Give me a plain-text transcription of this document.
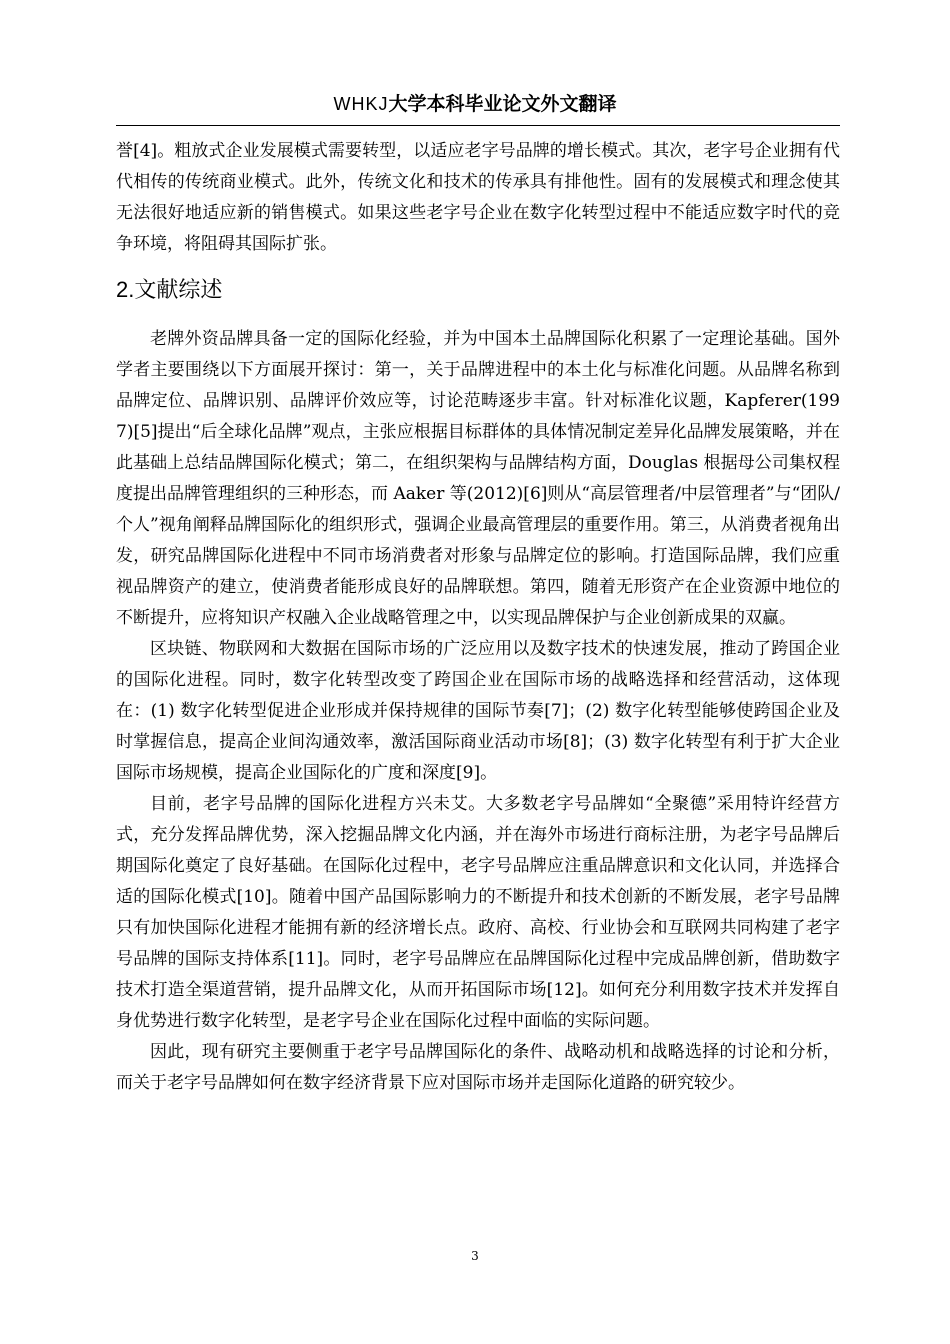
WHKJ大学本科毕业论文外文翻译

誉[4]。粗放式企业发展模式需要转型，以适应老字号品牌的增长模式。其次，老字号企业拥有代代相传的传统商业模式。此外，传统文化和技术的传承具有排他性。固有的发展模式和理念使其无法很好地适应新的销售模式。如果这些老字号企业在数字化转型过程中不能适应数字时代的竞争环境，将阻碍其国际扩张。

2.文献综述

老牌外资品牌具备一定的国际化经验，并为中国本土品牌国际化积累了一定理论基础。国外学者主要围绕以下方面展开探讨：第一，关于品牌进程中的本土化与标准化问题。从品牌名称到品牌定位、品牌识别、品牌评价效应等，讨论范畴逐步丰富。针对标准化议题，Kapferer(1997)[5]提出“后全球化品牌”观点，主张应根据目标群体的具体情况制定差异化品牌发展策略，并在此基础上总结品牌国际化模式；第二，在组织架构与品牌结构方面，Douglas 根据母公司集权程度提出品牌管理组织的三种形态，而 Aaker 等(2012)[6]则从“高层管理者/中层管理者”与“团队/个人”视角阐释品牌国际化的组织形式，强调企业最高管理层的重要作用。第三，从消费者视角出发，研究品牌国际化进程中不同市场消费者对形象与品牌定位的影响。打造国际品牌，我们应重视品牌资产的建立，使消费者能形成良好的品牌联想。第四，随着无形资产在企业资源中地位的不断提升，应将知识产权融入企业战略管理之中，以实现品牌保护与企业创新成果的双赢。

区块链、物联网和大数据在国际市场的广泛应用以及数字技术的快速发展，推动了跨国企业的国际化进程。同时，数字化转型改变了跨国企业在国际市场的战略选择和经营活动，这体现在：(1) 数字化转型促进企业形成并保持规律的国际节奏[7]；(2) 数字化转型能够使跨国企业及时掌握信息，提高企业间沟通效率，激活国际商业活动市场[8]；(3) 数字化转型有利于扩大企业国际市场规模，提高企业国际化的广度和深度[9]。

目前，老字号品牌的国际化进程方兴未艾。大多数老字号品牌如“全聚德”采用特许经营方式，充分发挥品牌优势，深入挖掘品牌文化内涵，并在海外市场进行商标注册，为老字号品牌后期国际化奠定了良好基础。在国际化过程中，老字号品牌应注重品牌意识和文化认同，并选择合适的国际化模式[10]。随着中国产品国际影响力的不断提升和技术创新的不断发展，老字号品牌只有加快国际化进程才能拥有新的经济增长点。政府、高校、行业协会和互联网共同构建了老字号品牌的国际支持体系[11]。同时，老字号品牌应在品牌国际化过程中完成品牌创新，借助数字技术打造全渠道营销，提升品牌文化，从而开拓国际市场[12]。如何充分利用数字技术并发挥自身优势进行数字化转型，是老字号企业在国际化过程中面临的实际问题。

因此，现有研究主要侧重于老字号品牌国际化的条件、战略动机和战略选择的讨论和分析，而关于老字号品牌如何在数字经济背景下应对国际市场并走国际化道路的研究较少。

3
